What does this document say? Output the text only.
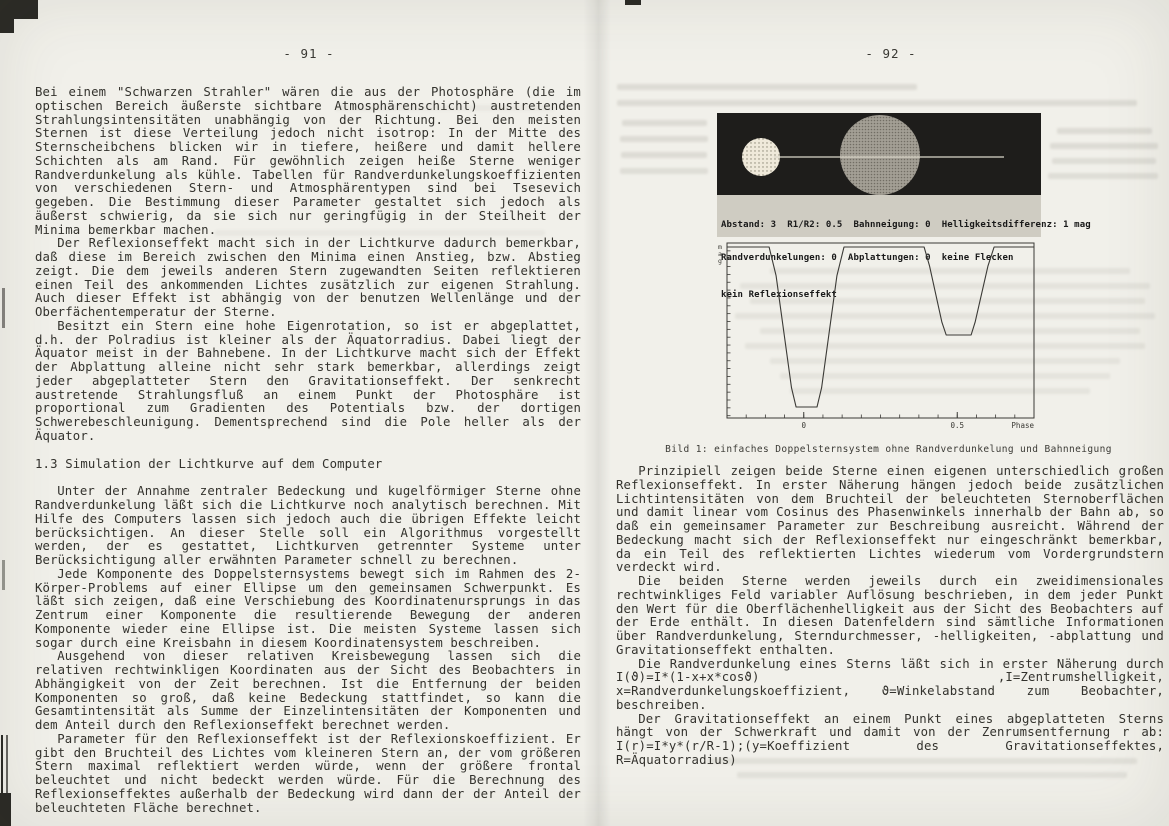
- 91 -

Bei einem "Schwarzen Strahler" wären die aus der Photosphäre (die im optischen Bereich äußerste sichtbare Atmosphärenschicht) austretenden Strahlungsintensitäten unabhängig von der Richtung. Bei den meisten Sternen ist diese Verteilung jedoch nicht isotrop: In der Mitte des Sternscheibchens blicken wir in tiefere, heißere und damit hellere Schichten als am Rand. Für gewöhnlich zeigen heiße Sterne weniger Randverdunkelung als kühle. Tabellen für Randverdunkelungskoeffizienten von verschiedenen Stern- und Atmosphärentypen sind bei Tsesevich gegeben. Die Bestimmung dieser Parameter gestaltet sich jedoch als äußerst schwierig, da sie sich nur geringfügig in der Steilheit der Minima bemerkbar machen.

Der Reflexionseffekt macht sich in der Lichtkurve dadurch bemerkbar, daß diese im Bereich zwischen den Minima einen Anstieg, bzw. Abstieg zeigt. Die dem jeweils anderen Stern zugewandten Seiten reflektieren einen Teil des ankommenden Lichtes zusätzlich zur eigenen Strahlung. Auch dieser Effekt ist abhängig von der benutzen Wellenlänge und der Oberfächentemperatur der Sterne.

Besitzt ein Stern eine hohe Eigenrotation, so ist er abgeplattet, d.h. der Polradius ist kleiner als der Äquatorradius. Dabei liegt der Äquator meist in der Bahnebene. In der Lichtkurve macht sich der Effekt der Abplattung alleine nicht sehr stark bemerkbar, allerdings zeigt jeder abgeplatteter Stern den Gravitationseffekt. Der senkrecht austretende Strahlungsfluß an einem Punkt der Photosphäre ist proportional zum Gradienten des Potentials bzw. der dortigen Schwerebeschleunigung. Dementsprechend sind die Pole heller als der Äquator.

1.3 Simulation der Lichtkurve auf dem Computer

Unter der Annahme zentraler Bedeckung und kugelförmiger Sterne ohne Randverdunkelung läßt sich die Lichtkurve noch analytisch berechnen. Mit Hilfe des Computers lassen sich jedoch auch die übrigen Effekte leicht berücksichtigen. An dieser Stelle soll ein Algorithmus vorgestellt werden, der es gestattet, Lichtkurven getrennter Systeme unter Berücksichtigung aller erwähnten Parameter schnell zu berechnen.

Jede Komponente des Doppelsternsystems bewegt sich im Rahmen des 2-Körper-Problems auf einer Ellipse um den gemeinsamen Schwerpunkt. Es läßt sich zeigen, daß eine Verschiebung des Koordinatenursprungs in das Zentrum einer Komponente die resultierende Bewegung der anderen Komponente wieder eine Ellipse ist. Die meisten Systeme lassen sich sogar durch eine Kreisbahn in diesem Koordinatensystem beschreiben.

Ausgehend von dieser relativen Kreisbewegung lassen sich die relativen rechtwinkligen Koordinaten aus der Sicht des Beobachters in Abhängigkeit von der Zeit berechnen. Ist die Entfernung der beiden Komponenten so groß, daß keine Bedeckung stattfindet, so kann die Gesamtintensität als Summe der Einzelintensitäten der Komponenten und dem Anteil durch den Reflexionseffekt berechnet werden.

Parameter für den Reflexionseffekt ist der Reflexionskoeffizient. Er gibt den Bruchteil des Lichtes vom kleineren Stern an, der vom größeren Stern maximal reflektiert werden würde, wenn der größere frontal beleuchtet und nicht bedeckt werden würde. Für die Berechnung des Reflexionseffektes außerhalb der Bedeckung wird dann der der Anteil der beleuchteten Fläche berechnet.

- 92 -

Abstand: 3  R1/R2: 0.5  Bahnneigung: 0  Helligkeitsdifferenz: 1 mag

Randverdunkelungen: 0  Abplattungen: 0  keine Flecken

kein Reflexionseffekt

0	0.5	Phase
m
a
g
Bild 1: einfaches Doppelsternsystem ohne Randverdunkelung und Bahnneigung

Prinzipiell zeigen beide Sterne einen eigenen unterschiedlich großen Reflexionseffekt. In erster Näherung hängen jedoch beide zusätzlichen Lichtintensitäten von dem Bruchteil der beleuchteten Sternoberflächen und damit linear vom Cosinus des Phasenwinkels innerhalb der Bahn ab, so daß ein gemeinsamer Parameter zur Beschreibung ausreicht. Während der Bedeckung macht sich der Reflexionseffekt nur eingeschränkt bemerkbar, da ein Teil des reflektierten Lichtes wiederum vom Vordergrundstern verdeckt wird.

Die beiden Sterne werden jeweils durch ein zweidimensionales rechtwinkliges Feld variabler Auflösung beschrieben, in dem jeder Punkt den Wert für die Oberflächenhelligkeit aus der Sicht des Beobachters auf der Erde enthält. In diesen Datenfeldern sind sämtliche Informationen über Randverdunkelung, Sterndurchmesser, -helligkeiten, -abplattung und Gravitationseffekt enthalten.

Die Randverdunkelung eines Sterns läßt sich in erster Näherung durch I(ϑ)=I*(1-x+x*cosϑ) ,I=Zentrumshelligkeit, x=Randverdunkelungskoeffizient, ϑ=Winkelabstand zum Beobachter, beschreiben.

Der Gravitationseffekt an einem Punkt eines abgeplatteten Sterns hängt von der Schwerkraft und damit von der Zenrumsentfernung r ab: I(r)=I*y*(r/R-1);(y=Koeffizient des Gravitationseffektes, R=Äquatorradius)
